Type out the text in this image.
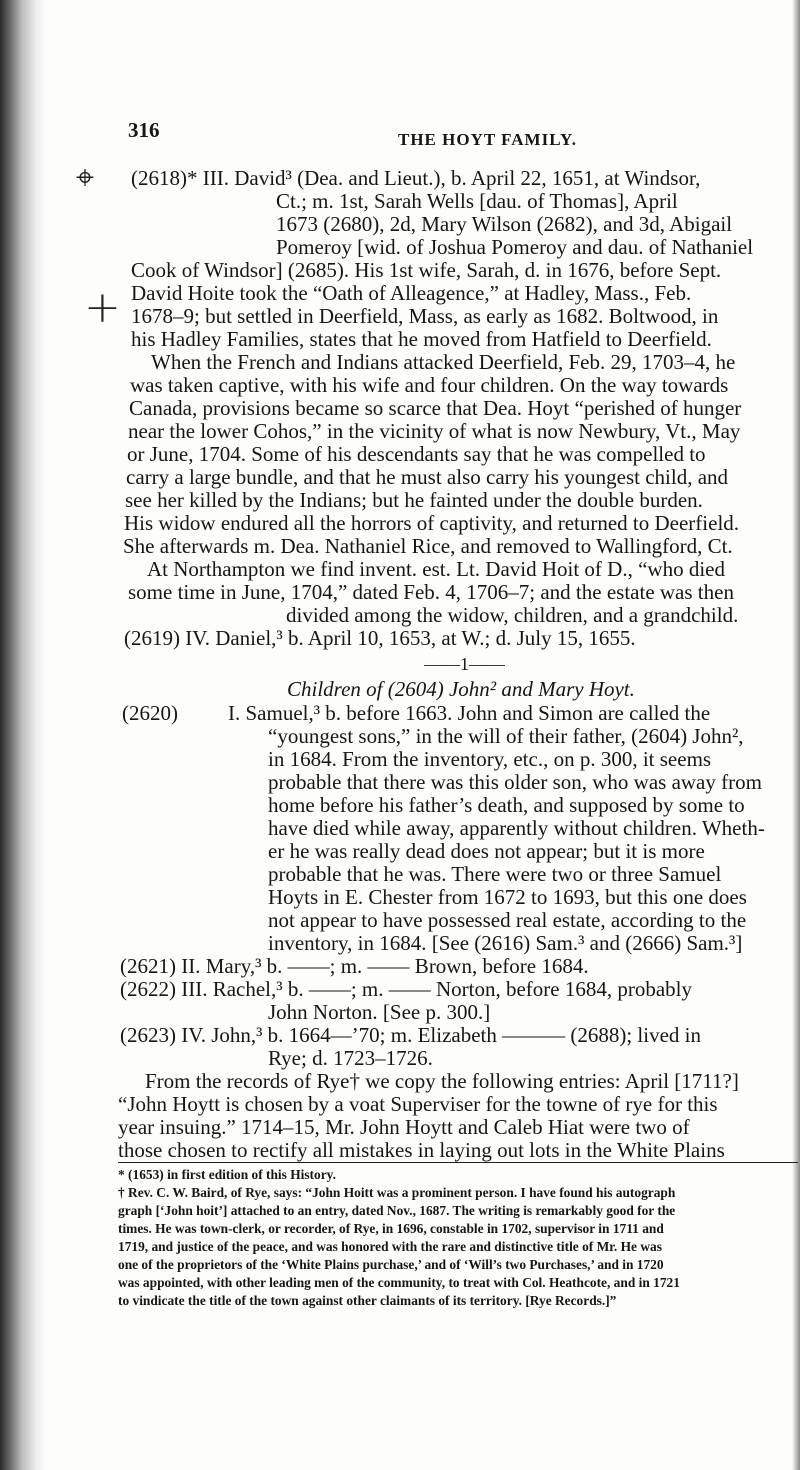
316	THE HOYT FAMILY.
⌖
+
(2618)* III. David³ (Dea. and Lieut.), b. April 22, 1651, at Windsor,
Ct.; m. 1st, Sarah Wells [dau. of Thomas], April
1673 (2680), 2d, Mary Wilson (2682), and 3d, Abigail
Pomeroy [wid. of Joshua Pomeroy and dau. of Nathaniel
Cook of Windsor] (2685). His 1st wife, Sarah, d. in 1676, before Sept.
David Hoite took the “Oath of Alleagence,” at Hadley, Mass., Feb.
1678–9; but settled in Deerfield, Mass, as early as 1682. Boltwood, in
his Hadley Families, states that he moved from Hatfield to Deerfield.
When the French and Indians attacked Deerfield, Feb. 29, 1703–4, he
was taken captive, with his wife and four children. On the way towards
Canada, provisions became so scarce that Dea. Hoyt “perished of hunger
near the lower Cohos,” in the vicinity of what is now Newbury, Vt., May
or June, 1704. Some of his descendants say that he was compelled to
carry a large bundle, and that he must also carry his youngest child, and
see her killed by the Indians; but he fainted under the double burden.
His widow endured all the horrors of captivity, and returned to Deerfield.
She afterwards m. Dea. Nathaniel Rice, and removed to Wallingford, Ct.
At Northampton we find invent. est. Lt. David Hoit of D., “who died
some time in June, 1704,” dated Feb. 4, 1706–7; and the estate was then
divided among the widow, children, and a grandchild.
(2619) IV. Daniel,³ b. April 10, 1653, at W.; d. July 15, 1655.
——1——
Children of (2604) John² and Mary Hoyt.
(2620) I. Samuel,³ b. before 1663. John and Simon are called the
“youngest sons,” in the will of their father, (2604) John²,
in 1684. From the inventory, etc., on p. 300, it seems
probable that there was this older son, who was away from
home before his father’s death, and supposed by some to
have died while away, apparently without children. Wheth-
er he was really dead does not appear; but it is more
probable that he was. There were two or three Samuel
Hoyts in E. Chester from 1672 to 1693, but this one does
not appear to have possessed real estate, according to the
inventory, in 1684. [See (2616) Sam.³ and (2666) Sam.³]
(2621) II. Mary,³ b. ——; m. —— Brown, before 1684.
(2622) III. Rachel,³ b. ——; m. —— Norton, before 1684, probably
John Norton. [See p. 300.]
(2623) IV. John,³ b. 1664—’70; m. Elizabeth ——— (2688); lived in
Rye; d. 1723–1726.
From the records of Rye† we copy the following entries: April [1711?]
“John Hoytt is chosen by a voat Superviser for the towne of rye for this
year insuing.” 1714–15, Mr. John Hoytt and Caleb Hiat were two of
those chosen to rectify all mistakes in laying out lots in the White Plains
* (1653) in first edition of this History.
† Rev. C. W. Baird, of Rye, says: “John Hoitt was a prominent person. I have found his autograph
graph [‘John hoit’] attached to an entry, dated Nov., 1687. The writing is remarkably good for the
times. He was town-clerk, or recorder, of Rye, in 1696, constable in 1702, supervisor in 1711 and
1719, and justice of the peace, and was honored with the rare and distinctive title of Mr. He was
one of the proprietors of the ‘White Plains purchase,’ and of ‘Will’s two Purchases,’ and in 1720
was appointed, with other leading men of the community, to treat with Col. Heathcote, and in 1721
to vindicate the title of the town against other claimants of its territory. [Rye Records.]”
